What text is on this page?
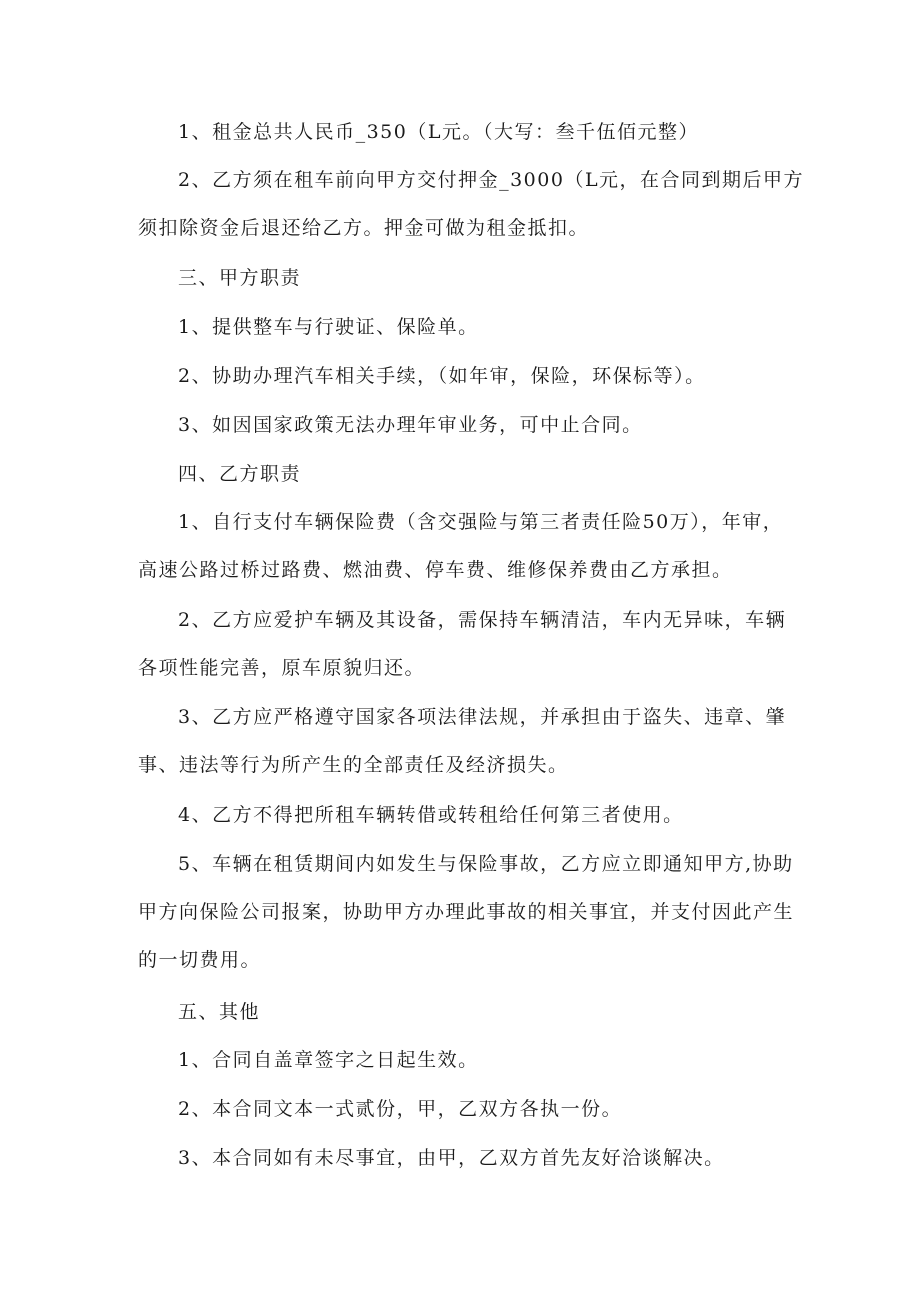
1、租金总共人民币_350（L元。（大写：叁千伍佰元整）

2、乙方须在租车前向甲方交付押金_3000（L元，在合同到期后甲方
须扣除资金后退还给乙方。押金可做为租金抵扣。

三、甲方职责

1、提供整车与行驶证、保险单。

2、协助办理汽车相关手续，（如年审，保险，环保标等）。

3、如因国家政策无法办理年审业务，可中止合同。

四、乙方职责

1、自行支付车辆保险费（含交强险与第三者责任险50万），年审，
高速公路过桥过路费、燃油费、停车费、维修保养费由乙方承担。

2、乙方应爱护车辆及其设备，需保持车辆清洁，车内无异味，车辆
各项性能完善，原车原貌归还。

3、乙方应严格遵守国家各项法律法规，并承担由于盗失、违章、肇
事、违法等行为所产生的全部责任及经济损失。

4、乙方不得把所租车辆转借或转租给任何第三者使用。

5、车辆在租赁期间内如发生与保险事故，乙方应立即通知甲方,协助
甲方向保险公司报案，协助甲方办理此事故的相关事宜，并支付因此产生
的一切费用。

五、其他

1、合同自盖章签字之日起生效。

2、本合同文本一式贰份，甲，乙双方各执一份。

3、本合同如有未尽事宜，由甲，乙双方首先友好洽谈解决。
